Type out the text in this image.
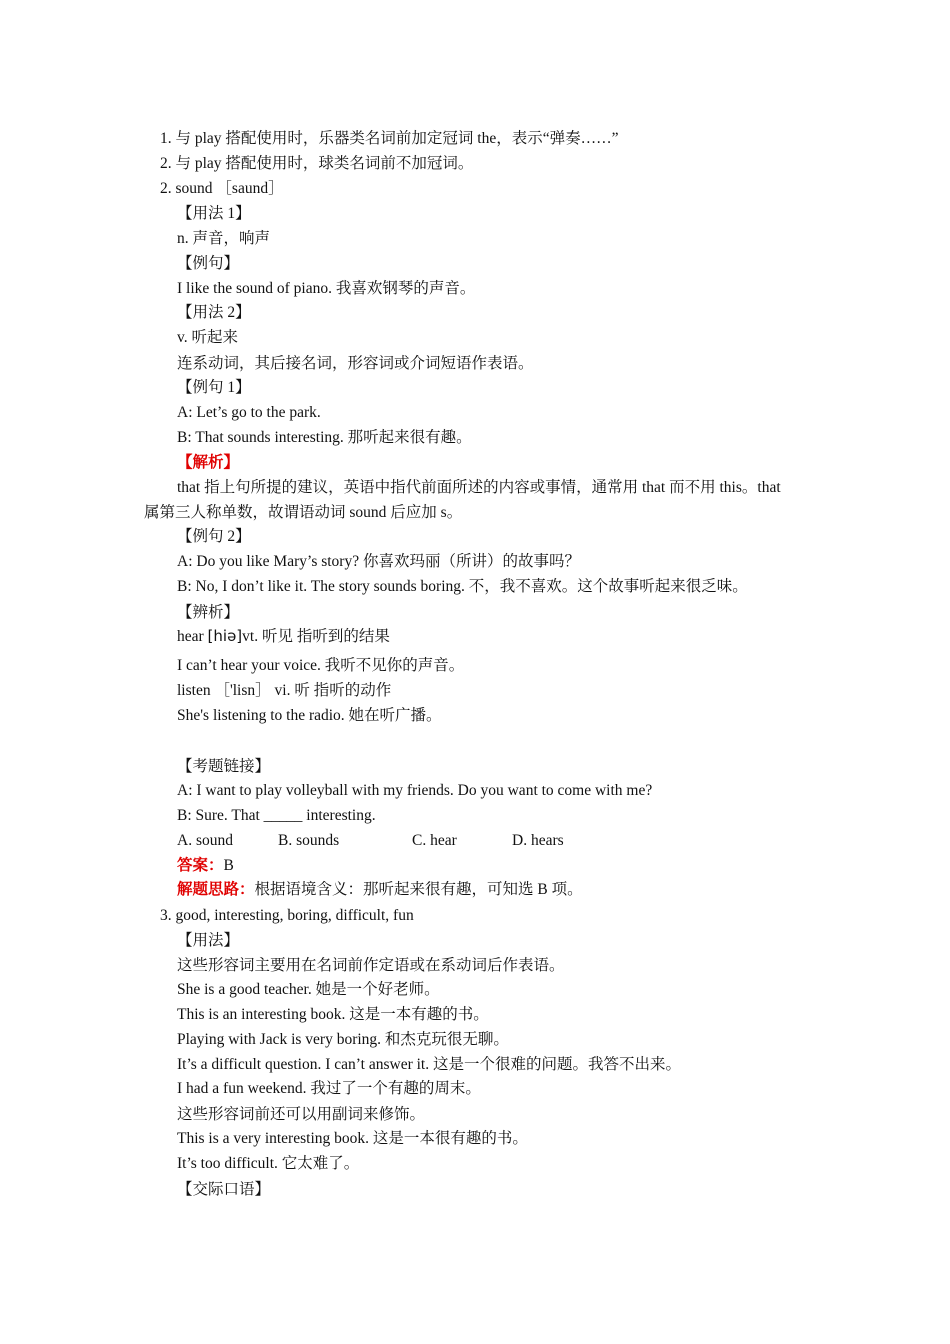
1. 与 play 搭配使用时，乐器类名词前加定冠词 the，表示“弹奏……”
2. 与 play 搭配使用时，球类名词前不加冠词。
2. sound ［saund］
【用法 1】
n. 声音，响声
【例句】
I like the sound of piano. 我喜欢钢琴的声音。
【用法 2】
v. 听起来
连系动词，其后接名词，形容词或介词短语作表语。
【例句 1】
A: Let’s go to the park.
B: That sounds interesting. 那听起来很有趣。
【解析】
that 指上句所提的建议，英语中指代前面所述的内容或事情，通常用 that 而不用 this。that
属第三人称单数，故谓语动词 sound 后应加 s。
【例句 2】
A: Do you like Mary’s story? 你喜欢玛丽（所讲）的故事吗？
B: No, I don’t like it. The story sounds boring. 不，我不喜欢。这个故事听起来很乏味。
【辨析】
hear [hiə]vt. 听见 指听到的结果
I can’t hear your voice. 我听不见你的声音。
listen ［'lisn］ vi. 听 指听的动作
She's listening to the radio. 她在听广播。
【考题链接】
A: I want to play volleyball with my friends. Do you want to come with me?
B: Sure. That _____ interesting.
A. sound	B. sounds	C. hear	D. hears
答案：B
解题思路：根据语境含义：那听起来很有趣，可知选 B 项。
3. good, interesting, boring, difficult, fun
【用法】
这些形容词主要用在名词前作定语或在系动词后作表语。
She is a good teacher. 她是一个好老师。
This is an interesting book. 这是一本有趣的书。
Playing with Jack is very boring. 和杰克玩很无聊。
It’s a difficult question. I can’t answer it. 这是一个很难的问题。我答不出来。
I had a fun weekend. 我过了一个有趣的周末。
这些形容词前还可以用副词来修饰。
This is a very interesting book. 这是一本很有趣的书。
It’s too difficult. 它太难了。
【交际口语】
